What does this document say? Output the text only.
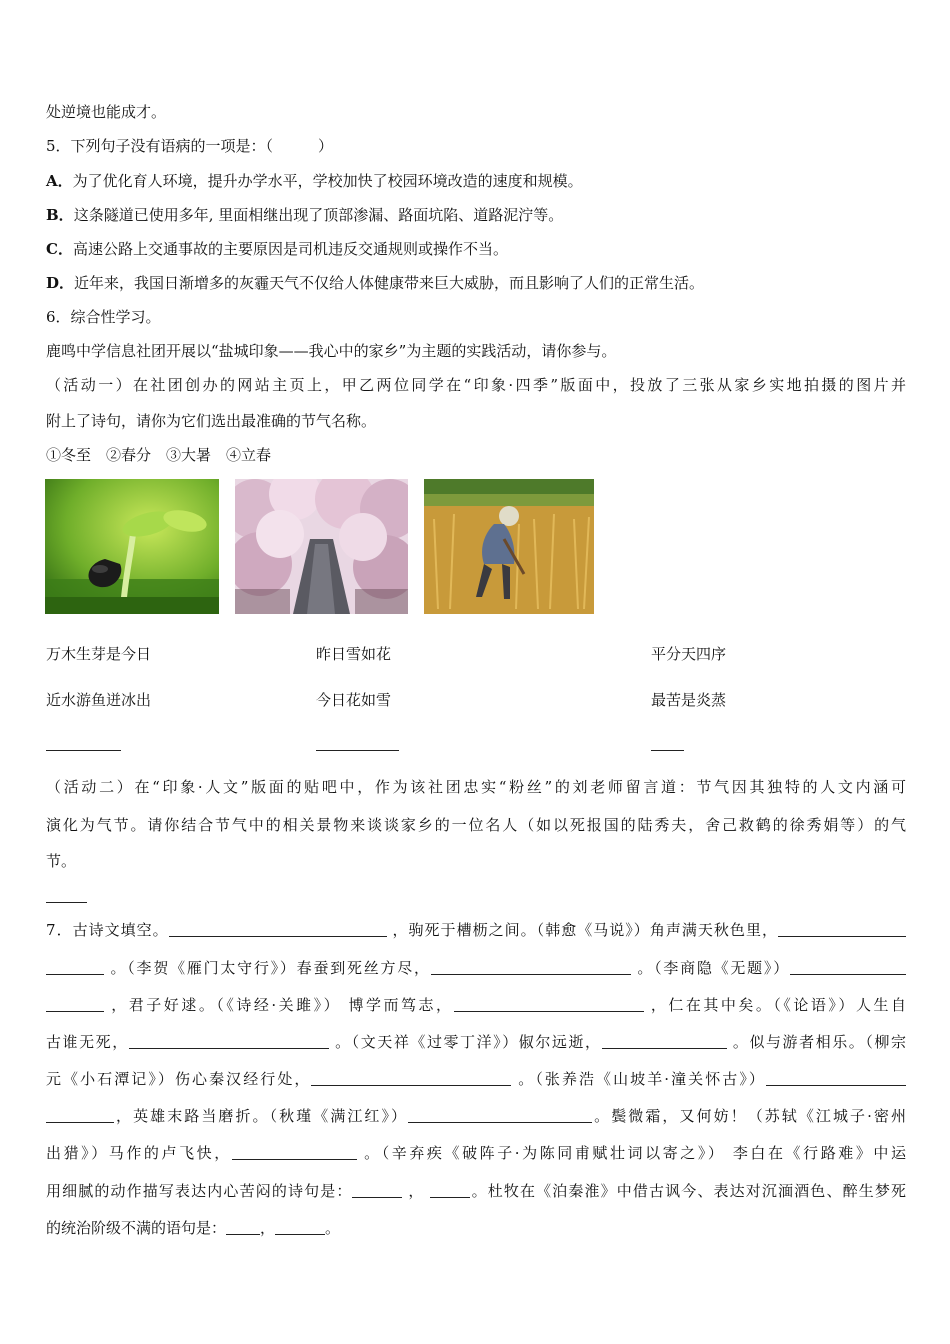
处逆境也能成才。
5．下列句子没有语病的一项是：（　　　）
A．为了优化育人环境，提升办学水平，学校加快了校园环境改造的速度和规模。
B．这条隧道已使用多年, 里面相继出现了顶部渗漏、路面坑陷、道路泥泞等。
C．高速公路上交通事故的主要原因是司机违反交通规则或操作不当。
D．近年来，我国日渐增多的灰霾天气不仅给人体健康带来巨大威胁，而且影响了人们的正常生活。
6．综合性学习。
鹿鸣中学信息社团开展以“盐城印象——我心中的家乡”为主题的实践活动，请你参与。
（活动一）在社团创办的网站主页上，甲乙两位同学在“印象·四季”版面中，投放了三张从家乡实地拍摄的图片并
附上了诗句，请你为它们选出最准确的节气名称。
①冬至　②春分　③大暑　④立春
万木生芽是今日	昨日雪如花	平分天四序
近水游鱼迸冰出	今日花如雪	最苦是炎蒸
（活动二）在“印象·人文”版面的贴吧中，作为该社团忠实“粉丝”的刘老师留言道：节气因其独特的人文内涵可
演化为气节。请你结合节气中的相关景物来谈谈家乡的一位名人（如以死报国的陆秀夫，舍己救鹤的徐秀娟等）的气
节。
7．古诗文填空。	，驹死于槽枥之间。（韩愈《马说》）角声满天秋色里，
。（李贺《雁门太守行》）春蚕到死丝方尽，	。（李商隐《无题》）
，君子好逑。（《诗经·关雎》） 博学而笃志，	，仁在其中矣。（《论语》）人生自
古谁无死，	。（文天祥《过零丁洋》）俶尔远逝，	。似与游者相乐。（柳宗
元《小石潭记》）伤心秦汉经行处，	。（张养浩《山坡羊·潼关怀古》）
，英雄末路当磨折。（秋瑾《满江红》）	。鬓微霜，又何妨！（苏轼《江城子·密州
出猎》）马作的卢飞快，	。（辛弃疾《破阵子·为陈同甫赋壮词以寄之》） 李白在《行路难》中运
用细腻的动作描写表达内心苦闷的诗句是：	，	。杜牧在《泊秦淮》中借古讽今、表达对沉湎酒色、醉生梦死
的统治阶级不满的语句是： ，	。
